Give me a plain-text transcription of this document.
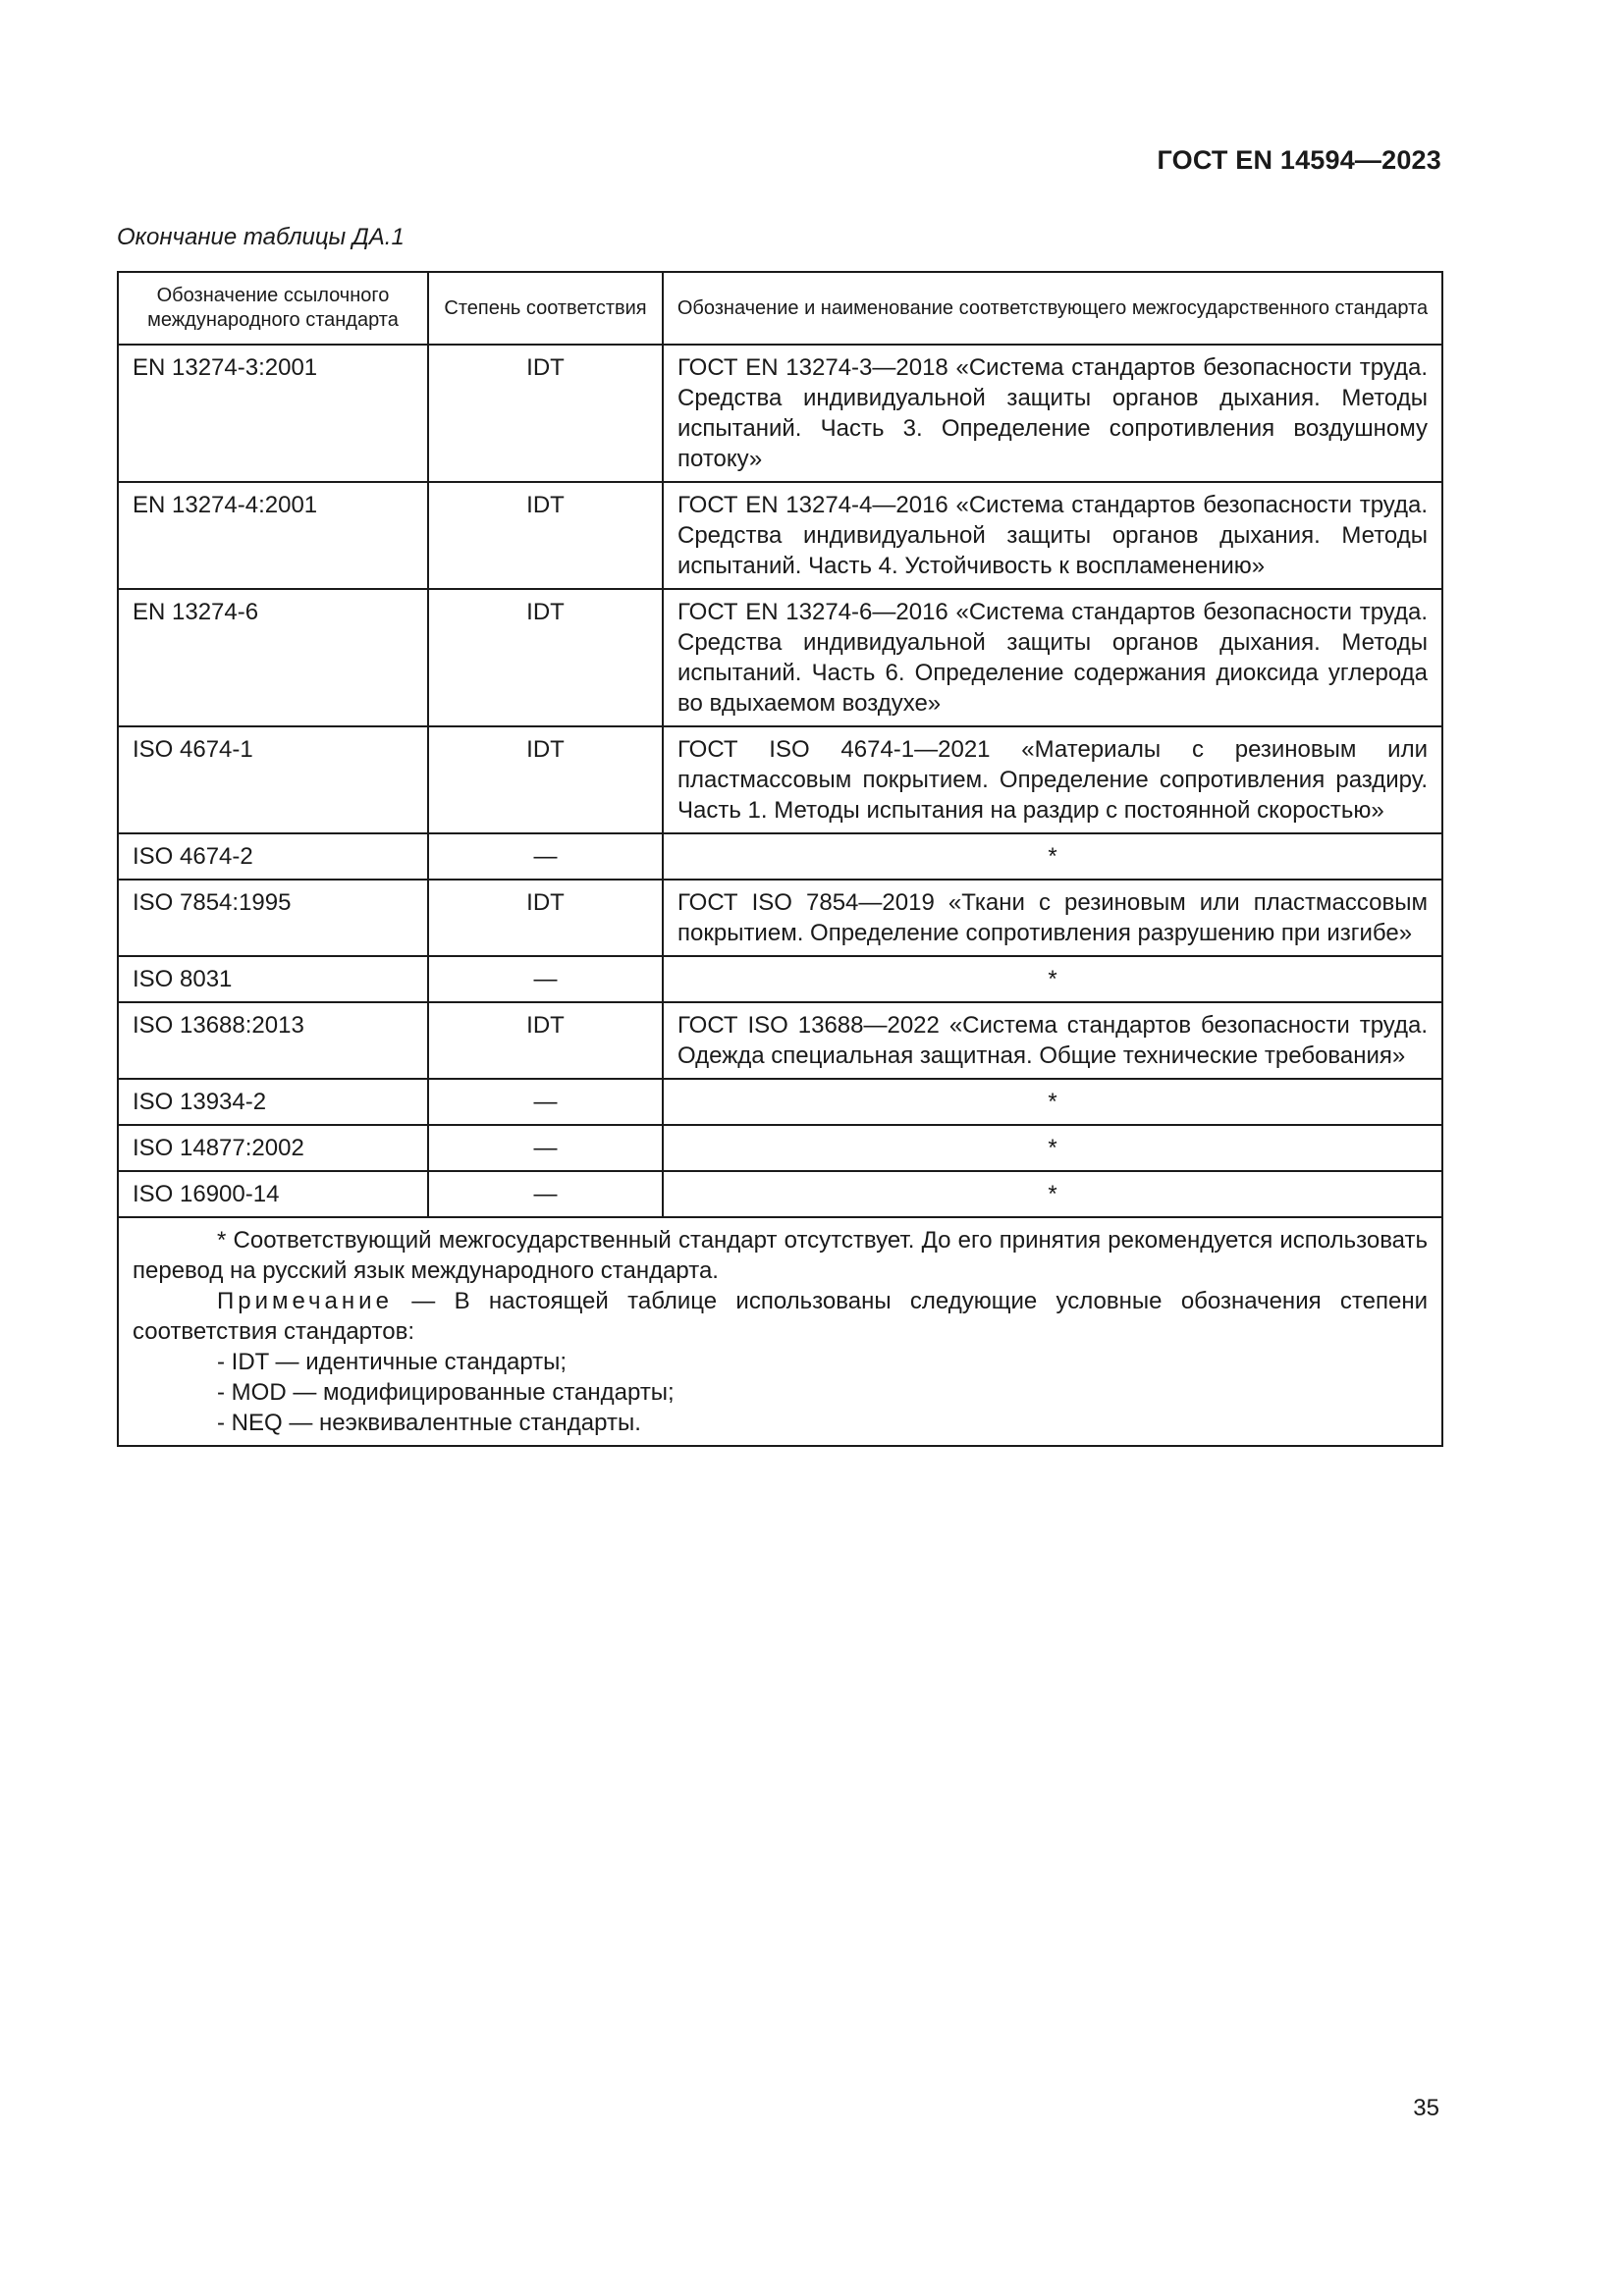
ГОСТ EN 14594—2023
Окончание таблицы ДА.1
Обозначение ссылочного международного стандарта	Степень соответствия	Обозначение и наименование соответствующего межгосударственного стандарта
EN 13274-3:2001	IDT	ГОСТ EN 13274-3—2018 «Система стандартов безопасности труда. Средства индивидуальной защиты органов дыхания. Методы испытаний. Часть 3. Определение сопротивления воздушному потоку»
EN 13274-4:2001	IDT	ГОСТ EN 13274-4—2016 «Система стандартов безопасности труда. Средства индивидуальной защиты органов дыхания. Методы испытаний. Часть 4. Устойчивость к воспламенению»
EN 13274-6	IDT	ГОСТ EN 13274-6—2016 «Система стандартов безопасности труда. Средства индивидуальной защиты органов дыхания. Методы испытаний. Часть 6. Определение содержания диоксида углерода во вдыхаемом воздухе»
ISO 4674-1	IDT	ГОСТ ISO 4674-1—2021 «Материалы с резиновым или пластмассовым покрытием. Определение сопротивления раздиру. Часть 1. Методы испытания на раздир с постоянной скоростью»
ISO 4674-2	—	*
ISO 7854:1995	IDT	ГОСТ ISO 7854—2019 «Ткани с резиновым или пластмассовым покрытием. Определение сопротивления разрушению при изгибе»
ISO 8031	—	*
ISO 13688:2013	IDT	ГОСТ ISO 13688—2022 «Система стандартов безопасности труда. Одежда специальная защитная. Общие технические требования»
ISO 13934-2	—	*
ISO 14877:2002	—	*
ISO 16900-14	—	*

* Соответствующий межгосударственный стандарт отсутствует. До его принятия рекомендуется использовать перевод на русский язык международного стандарта.
Примечание — В настоящей таблице использованы следующие условные обозначения степени соответствия стандартов:
- IDT — идентичные стандарты;
- MOD — модифицированные стандарты;
- NEQ — неэквивалентные стандарты.		
35
